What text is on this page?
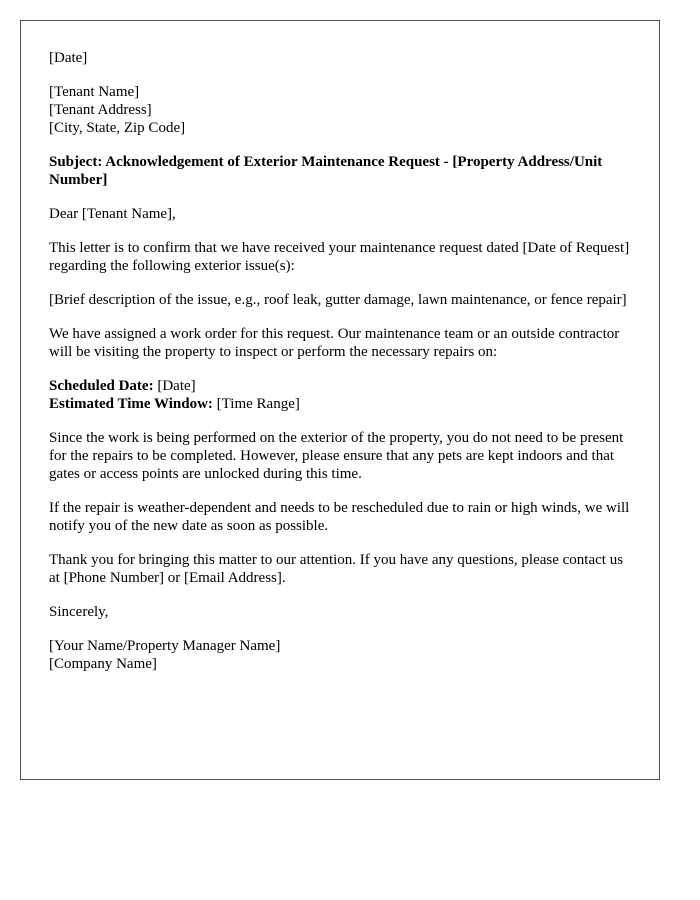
[Date]

[Tenant Name]
[Tenant Address]
[City, State, Zip Code]

Subject: Acknowledgement of Exterior Maintenance Request - [Property Address/Unit Number]

Dear [Tenant Name],

This letter is to confirm that we have received your maintenance request dated [Date of Request] regarding the following exterior issue(s):

[Brief description of the issue, e.g., roof leak, gutter damage, lawn maintenance, or fence repair]

We have assigned a work order for this request. Our maintenance team or an outside contractor will be visiting the property to inspect or perform the necessary repairs on:

Scheduled Date: [Date]
Estimated Time Window: [Time Range]

Since the work is being performed on the exterior of the property, you do not need to be present for the repairs to be completed. However, please ensure that any pets are kept indoors and that gates or access points are unlocked during this time.

If the repair is weather-dependent and needs to be rescheduled due to rain or high winds, we will notify you of the new date as soon as possible.

Thank you for bringing this matter to our attention. If you have any questions, please contact us at [Phone Number] or [Email Address].

Sincerely,

[Your Name/Property Manager Name]
[Company Name]
